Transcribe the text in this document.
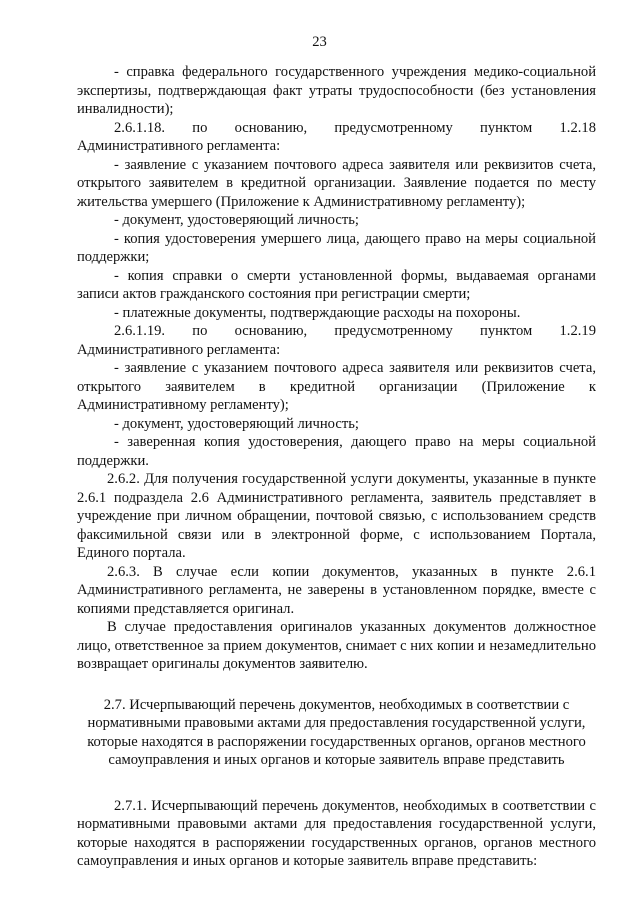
23

- справка федерального государственного учреждения медико-социальной экспертизы, подтверждающая факт утраты трудоспособности (без установления инвалидности);

2.6.1.18. по основанию, предусмотренному пунктом 1.2.18 Административного регламента:

- заявление с указанием почтового адреса заявителя или реквизитов счета, открытого заявителем в кредитной организации. Заявление подается по месту жительства умершего (Приложение к Административному регламенту);

- документ, удостоверяющий личность;

- копия удостоверения умершего лица, дающего право на меры социальной поддержки;

- копия справки о смерти установленной формы, выдаваемая органами записи актов гражданского состояния при регистрации смерти;

- платежные документы, подтверждающие расходы на похороны.

2.6.1.19. по основанию, предусмотренному пунктом 1.2.19 Административного регламента:

- заявление с указанием почтового адреса заявителя или реквизитов счета, открытого заявителем в кредитной организации (Приложение к Административному регламенту);

- документ, удостоверяющий личность;

- заверенная копия удостоверения, дающего право на меры социальной поддержки.

2.6.2. Для получения государственной услуги документы, указанные в пункте 2.6.1 подраздела 2.6 Административного регламента, заявитель представляет в учреждение при личном обращении, почтовой связью, с использованием средств факсимильной связи или в электронной форме, с использованием Портала, Единого портала.

2.6.3. В случае если копии документов, указанных в пункте 2.6.1 Административного регламента, не заверены в установленном порядке, вместе с копиями представляется оригинал.

В случае предоставления оригиналов указанных документов должностное лицо, ответственное за прием документов, снимает с них копии и незамедлительно возвращает оригиналы документов заявителю.

2.7. Исчерпывающий перечень документов, необходимых в соответствии с нормативными правовыми актами для предоставления государственной услуги, которые находятся в распоряжении государственных органов, органов местного самоуправления и иных органов и которые заявитель вправе представить

2.7.1. Исчерпывающий перечень документов, необходимых в соответствии с нормативными правовыми актами для предоставления государственной услуги, которые находятся в распоряжении государственных органов, органов местного самоуправления и иных органов и которые заявитель вправе представить:
